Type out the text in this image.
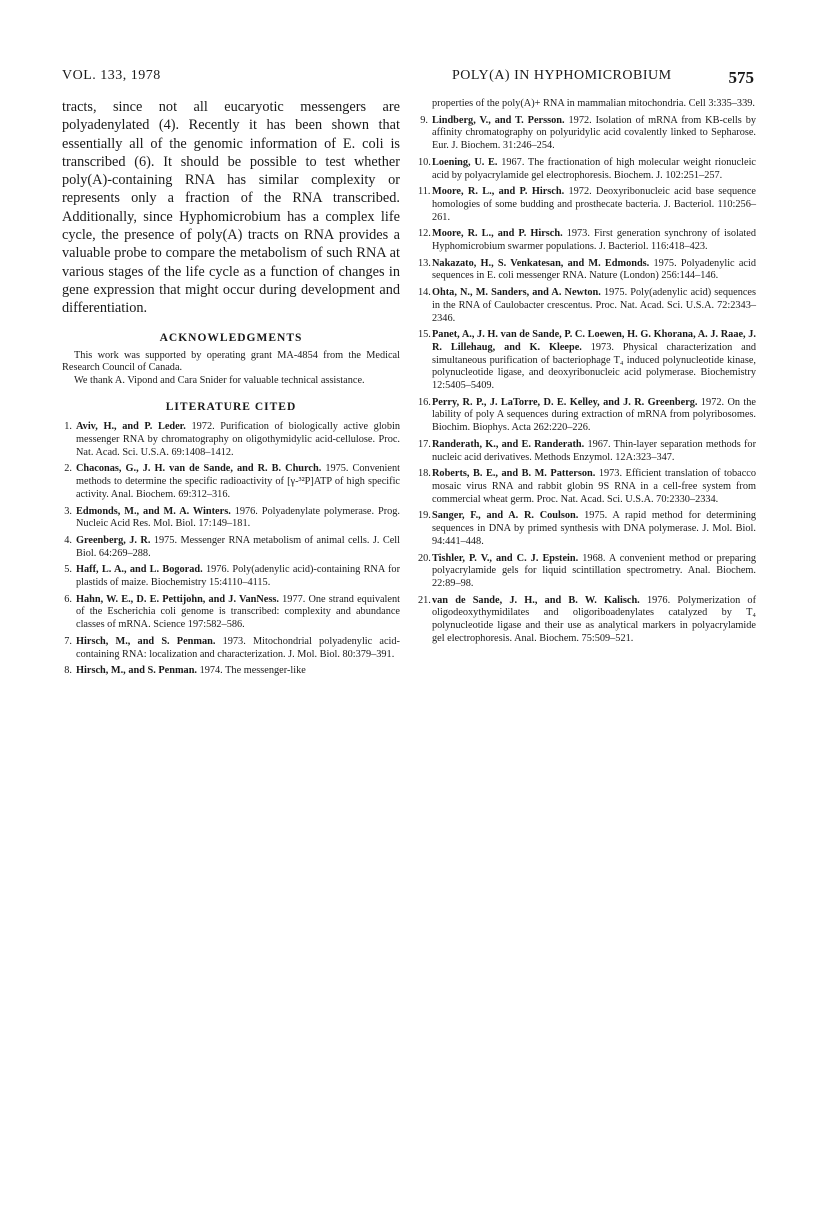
VOL. 133, 1978	POLY(A) IN HYPHOMICROBIUM	575

tracts, since not all eucaryotic messengers are polyadenylated (4). Recently it has been shown that essentially all of the genomic information of E. coli is transcribed (6). It should be possible to test whether poly(A)-containing RNA has similar complexity or represents only a fraction of the RNA transcribed. Additionally, since Hyphomicrobium has a complex life cycle, the presence of poly(A) tracts on RNA provides a valuable probe to compare the metabolism of such RNA at various stages of the life cycle as a function of changes in gene expression that might occur during development and differentiation.

ACKNOWLEDGMENTS

This work was supported by operating grant MA-4854 from the Medical Research Council of Canada.

We thank A. Vipond and Cara Snider for valuable technical assistance.

LITERATURE CITED
1. Aviv, H., and P. Leder. 1972. Purification of biologically active globin messenger RNA by chromatography on oligothymidylic acid-cellulose. Proc. Nat. Acad. Sci. U.S.A. 69:1408–1412.
2. Chaconas, G., J. H. van de Sande, and R. B. Church. 1975. Convenient methods to determine the specific radioactivity of [γ-³²P]ATP of high specific activity. Anal. Biochem. 69:312–316.
3. Edmonds, M., and M. A. Winters. 1976. Polyadenylate polymerase. Prog. Nucleic Acid Res. Mol. Biol. 17:149–181.
4. Greenberg, J. R. 1975. Messenger RNA metabolism of animal cells. J. Cell Biol. 64:269–288.
5. Haff, L. A., and L. Bogorad. 1976. Poly(adenylic acid)-containing RNA for plastids of maize. Biochemistry 15:4110–4115.
6. Hahn, W. E., D. E. Pettijohn, and J. VanNess. 1977. One strand equivalent of the Escherichia coli genome is transcribed: complexity and abundance classes of mRNA. Science 197:582–586.
7. Hirsch, M., and S. Penman. 1973. Mitochondrial polyadenylic acid-containing RNA: localization and characterization. J. Mol. Biol. 80:379–391.
8. Hirsch, M., and S. Penman. 1974. The messenger-like
properties of the poly(A)+ RNA in mammalian mitochondria. Cell 3:335–339.
9. Lindberg, V., and T. Persson. 1972. Isolation of mRNA from KB-cells by affinity chromatography on polyuridylic acid covalently linked to Sepharose. Eur. J. Biochem. 31:246–254.
10. Loening, U. E. 1967. The fractionation of high molecular weight rionucleic acid by polyacrylamide gel electrophoresis. Biochem. J. 102:251–257.
11. Moore, R. L., and P. Hirsch. 1972. Deoxyribonucleic acid base sequence homologies of some budding and prosthecate bacteria. J. Bacteriol. 110:256–261.
12. Moore, R. L., and P. Hirsch. 1973. First generation synchrony of isolated Hyphomicrobium swarmer populations. J. Bacteriol. 116:418–423.
13. Nakazato, H., S. Venkatesan, and M. Edmonds. 1975. Polyadenylic acid sequences in E. coli messenger RNA. Nature (London) 256:144–146.
14. Ohta, N., M. Sanders, and A. Newton. 1975. Poly(adenylic acid) sequences in the RNA of Caulobacter crescentus. Proc. Nat. Acad. Sci. U.S.A. 72:2343–2346.
15. Panet, A., J. H. van de Sande, P. C. Loewen, H. G. Khorana, A. J. Raae, J. R. Lillehaug, and K. Kleepe. 1973. Physical characterization and simultaneous purification of bacteriophage T₄ induced polynucleotide kinase, polynucleotide ligase, and deoxyribonucleic acid polymerase. Biochemistry 12:5405–5409.
16. Perry, R. P., J. LaTorre, D. E. Kelley, and J. R. Greenberg. 1972. On the lability of poly A sequences during extraction of mRNA from polyribosomes. Biochim. Biophys. Acta 262:220–226.
17. Randerath, K., and E. Randerath. 1967. Thin-layer separation methods for nucleic acid derivatives. Methods Enzymol. 12A:323–347.
18. Roberts, B. E., and B. M. Patterson. 1973. Efficient translation of tobacco mosaic virus RNA and rabbit globin 9S RNA in a cell-free system from commercial wheat germ. Proc. Nat. Acad. Sci. U.S.A. 70:2330–2334.
19. Sanger, F., and A. R. Coulson. 1975. A rapid method for determining sequences in DNA by primed synthesis with DNA polymerase. J. Mol. Biol. 94:441–448.
20. Tishler, P. V., and C. J. Epstein. 1968. A convenient method or preparing polyacrylamide gels for liquid scintillation spectrometry. Anal. Biochem. 22:89–98.
21. van de Sande, J. H., and B. W. Kalisch. 1976. Polymerization of oligodeoxythymidilates and oligoriboadenylates catalyzed by T₄ polynucleotide ligase and their use as analytical markers in polyacrylamide gel electrophoresis. Anal. Biochem. 75:509–521.
